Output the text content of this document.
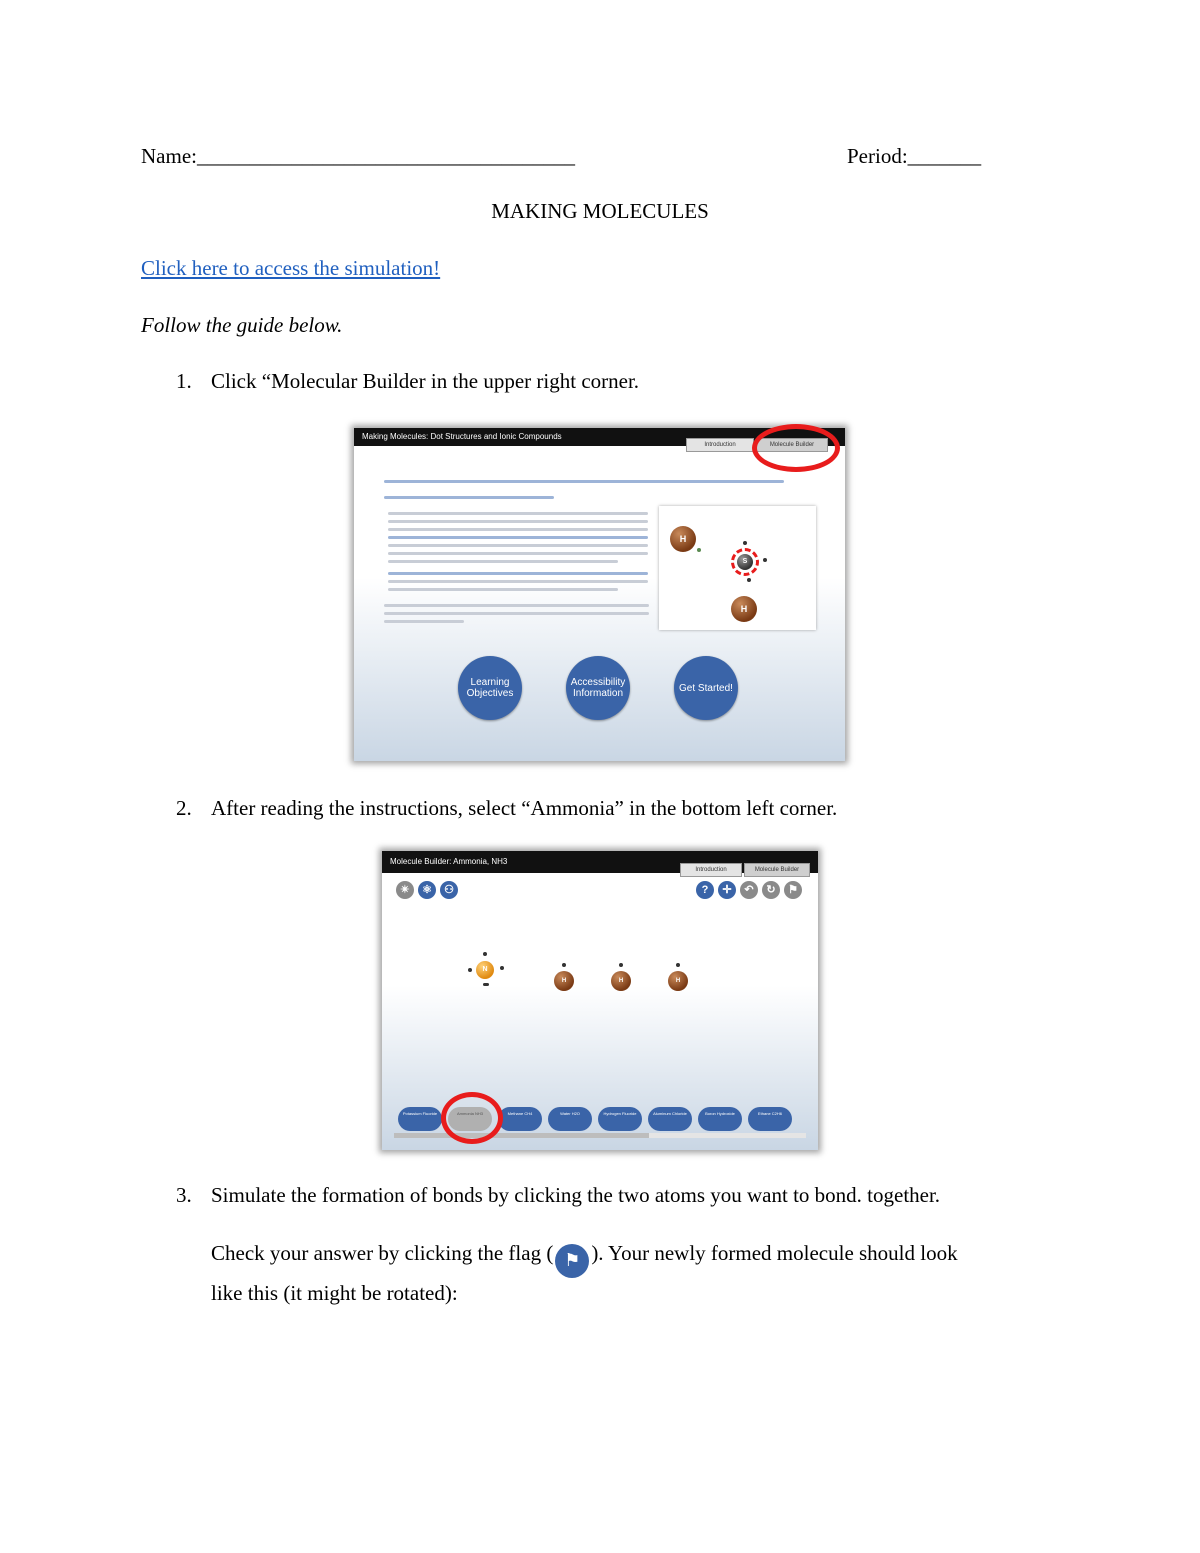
Name:____________________________________	Period:_______
MAKING MOLECULES
Click here to access the simulation!
Follow the guide below.
1. Click “Molecular Builder in the upper right corner.
Making Molecules: Dot Structures and Ionic Compounds
Introduction	Molecule Builder
H
S
H
Learning Objectives
Accessibility Information	Get Started!
2. After reading the instructions, select “Ammonia” in the bottom left corner.
Molecule Builder: Ammonia, NH3
Introduction	Molecule Builder
✴	⚛	⚇	?	✛	↶	↻	⚑
N
H	H	H
Potassium Fluoride	Ammonia NH3	Methane CH4	Water H2O	Hydrogen Fluoride	Aluminum Chloride	Boron Hydroxide	Ethane C2H6
3. Simulate the formation of bonds by clicking the two atoms you want to bond. together.
Check your answer by clicking the flag ( ⚑ ). Your newly formed molecule should look
like this (it might be rotated):
